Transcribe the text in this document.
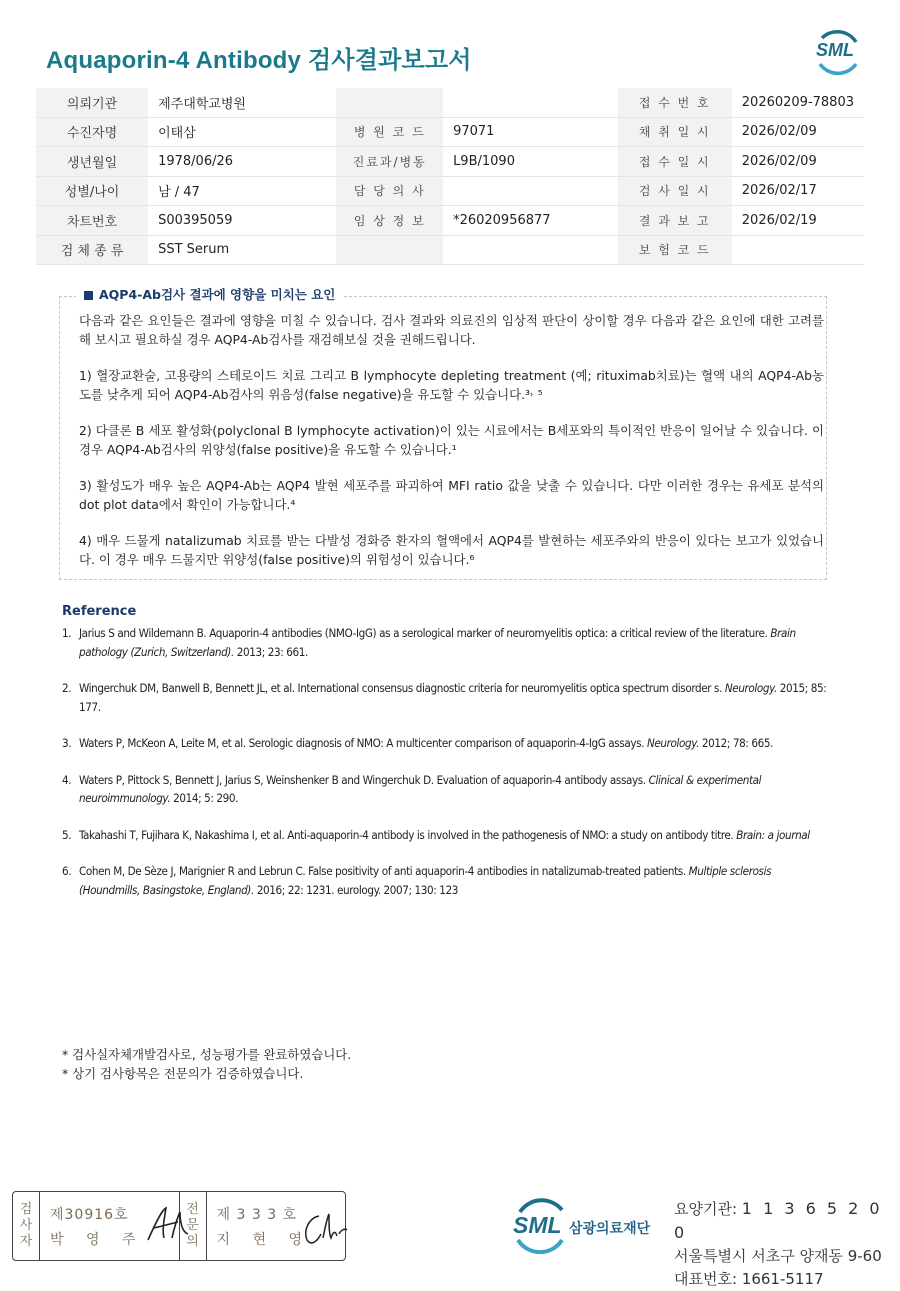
Aquaporin-4 Antibody 검사결과보고서	SML
의뢰기관	제주대학교병원			접 수 번 호	20260209-78803
수진자명	이태삼	병 원 코 드	97071	채 취 일 시	2026/02/09
생년월일	1978/06/26	진료과/병동	L9B/1090	접 수 일 시	2026/02/09
성별/나이	남 / 47	담 당 의 사		검 사 일 시	2026/02/17
차트번호	S00395059	임 상 정 보	*26020956877	결 과 보 고	2026/02/19
검 체 종 류	SST Serum			보 험 코 드	
AQP4-Ab검사 결과에 영향을 미치는 요인

다음과 같은 요인들은 결과에 영향을 미칠 수 있습니다. 검사 결과와 의료진의 임상적 판단이 상이할 경우 다음과 같은 요인에 대한 고려를 해 보시고 필요하실 경우 AQP4-Ab검사를 재검해보실 것을 권해드립니다.

1) 혈장교환술, 고용량의 스테로이드 치료 그리고 B lymphocyte depleting treatment (예; rituximab치료)는 혈액 내의 AQP4-Ab농도를 낮추게 되어 AQP4-Ab검사의 위음성(false negative)을 유도할 수 있습니다.³˒ ⁵

2) 다클론 B 세포 활성화(polyclonal B lymphocyte activation)이 있는 시료에서는 B세포와의 특이적인 반응이 일어날 수 있습니다. 이 경우 AQP4-Ab검사의 위양성(false positive)을 유도할 수 있습니다.¹

3) 활성도가 매우 높은 AQP4-Ab는 AQP4 발현 세포주를 파괴하여 MFI ratio 값을 낮출 수 있습니다. 다만 이러한 경우는 유세포 분석의 dot plot data에서 확인이 가능합니다.⁴

4) 매우 드물게 natalizumab 치료를 받는 다발성 경화증 환자의 혈액에서 AQP4를 발현하는 세포주와의 반응이 있다는 보고가 있었습니다. 이 경우 매우 드물지만 위양성(false positive)의 위험성이 있습니다.⁶

Reference
1. Jarius S and Wildemann B. Aquaporin-4 antibodies (NMO-IgG) as a serological marker of neuromyelitis optica: a critical review of the literature. Brain pathology (Zurich, Switzerland). 2013; 23: 661.
2. Wingerchuk DM, Banwell B, Bennett JL, et al. International consensus diagnostic criteria for neuromyelitis optica spectrum disorder s. Neurology. 2015; 85: 177.
3. Waters P, McKeon A, Leite M, et al. Serologic diagnosis of NMO: A multicenter comparison of aquaporin-4-IgG assays. Neurology. 2012; 78: 665.
4. Waters P, Pittock S, Bennett J, Jarius S, Weinshenker B and Wingerchuk D. Evaluation of aquaporin-4 antibody assays. Clinical & experimental neuroimmunology. 2014; 5: 290.
5. Takahashi T, Fujihara K, Nakashima I, et al. Anti-aquaporin-4 antibody is involved in the pathogenesis of NMO: a study on antibody titre. Brain: a journal
6. Cohen M, De Sèze J, Marignier R and Lebrun C. False positivity of anti aquaporin-4 antibodies in natalizumab-treated patients. Multiple sclerosis (Houndmills, Basingstoke, England). 2016; 22: 1231. eurology. 2007; 130: 123
* 검사실자체개발검사로, 성능평가를 완료하였습니다.
* 상기 검사항목은 전문의가 검증하였습니다.
검
사
자
제30916호
박 영 주
전
문
의
제 3 3 3 호
지 현 영
SML 삼광의료재단
요양기관: 1 1 3 6 5 2 0 0
서울특별시 서초구 양재동 9-60
대표번호: 1661-5117
